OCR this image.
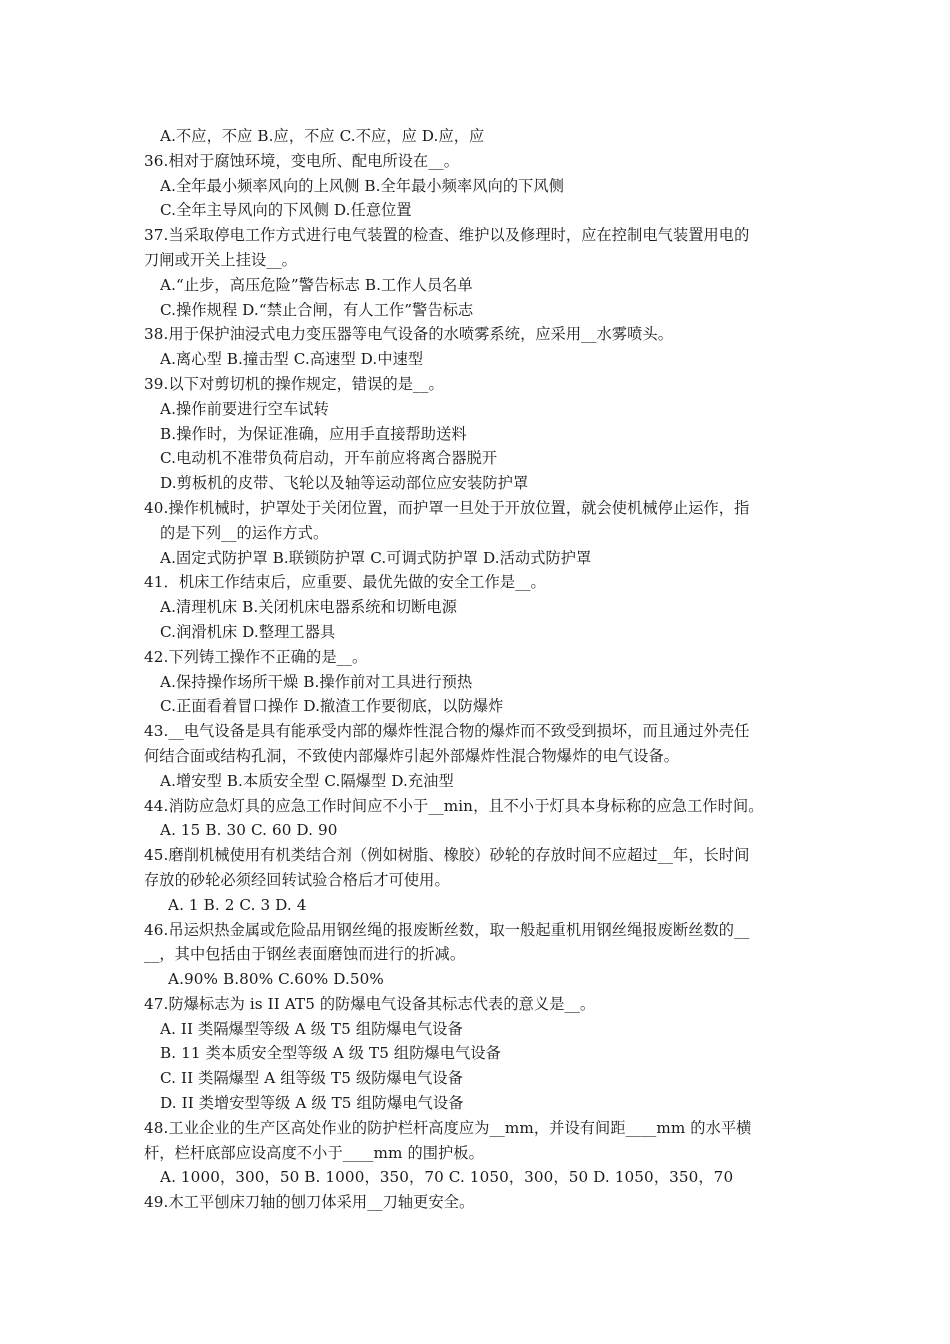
A.不应，不应 B.应，不应 C.不应，应 D.应，应
36.相对于腐蚀环境，变电所、配电所设在__。
A.全年最小频率风向的上风侧 B.全年最小频率风向的下风侧
C.全年主导风向的下风侧 D.任意位置
37.当采取停电工作方式进行电气装置的检查、维护以及修理时，应在控制电气装置用电的
刀闸或开关上挂设__。
A.“止步，高压危险”警告标志 B.工作人员名单
C.操作规程 D.“禁止合闸，有人工作”警告标志
38.用于保护油浸式电力变压器等电气设备的水喷雾系统，应采用__水雾喷头。
A.离心型 B.撞击型 C.高速型 D.中速型
39.以下对剪切机的操作规定，错误的是__。
A.操作前要进行空车试转
B.操作时，为保证准确，应用手直接帮助送料
C.电动机不准带负荷启动，开车前应将离合器脱开
D.剪板机的皮带、飞轮以及轴等运动部位应安装防护罩
40.操作机械时，护罩处于关闭位置，而护罩一旦处于开放位置，就会使机械停止运作，指
的是下列__的运作方式。
A.固定式防护罩 B.联锁防护罩 C.可调式防护罩 D.活动式防护罩
41．机床工作结束后，应重要、最优先做的安全工作是__。
A.清理机床 B.关闭机床电器系统和切断电源
C.润滑机床 D.整理工器具
42.下列铸工操作不正确的是__。
A.保持操作场所干燥 B.操作前对工具进行预热
C.正面看着冒口操作 D.撤渣工作要彻底，以防爆炸
43.__电气设备是具有能承受内部的爆炸性混合物的爆炸而不致受到损坏，而且通过外壳任
何结合面或结构孔洞，不致使内部爆炸引起外部爆炸性混合物爆炸的电气设备。
A.增安型 B.本质安全型 C.隔爆型 D.充油型
44.消防应急灯具的应急工作时间应不小于__min，且不小于灯具本身标称的应急工作时间。
A. 15 B. 30 C. 60 D. 90
45.磨削机械使用有机类结合剂（例如树脂、橡胶）砂轮的存放时间不应超过__年，长时间
存放的砂轮必须经回转试验合格后才可使用。
A. 1 B. 2 C. 3 D. 4
46.吊运炽热金属或危险品用钢丝绳的报废断丝数，取一般起重机用钢丝绳报废断丝数的__
__，其中包括由于钢丝表面磨蚀而进行的折减。
A.90% B.80% C.60% D.50%
47.防爆标志为 is II AT5 的防爆电气设备其标志代表的意义是__。
A. II 类隔爆型等级 A 级 T5 组防爆电气设备
B. 11 类本质安全型等级 A 级 T5 组防爆电气设备
C. II 类隔爆型 A 组等级 T5 级防爆电气设备
D. II 类增安型等级 A 级 T5 组防爆电气设备
48.工业企业的生产区高处作业的防护栏杆高度应为__mm，并设有间距____mm 的水平横
杆，栏杆底部应设高度不小于____mm 的围护板。
A. 1000，300，50 B. 1000，350，70 C. 1050，300，50 D. 1050，350，70
49.木工平刨床刀轴的刨刀体采用__刀轴更安全。
